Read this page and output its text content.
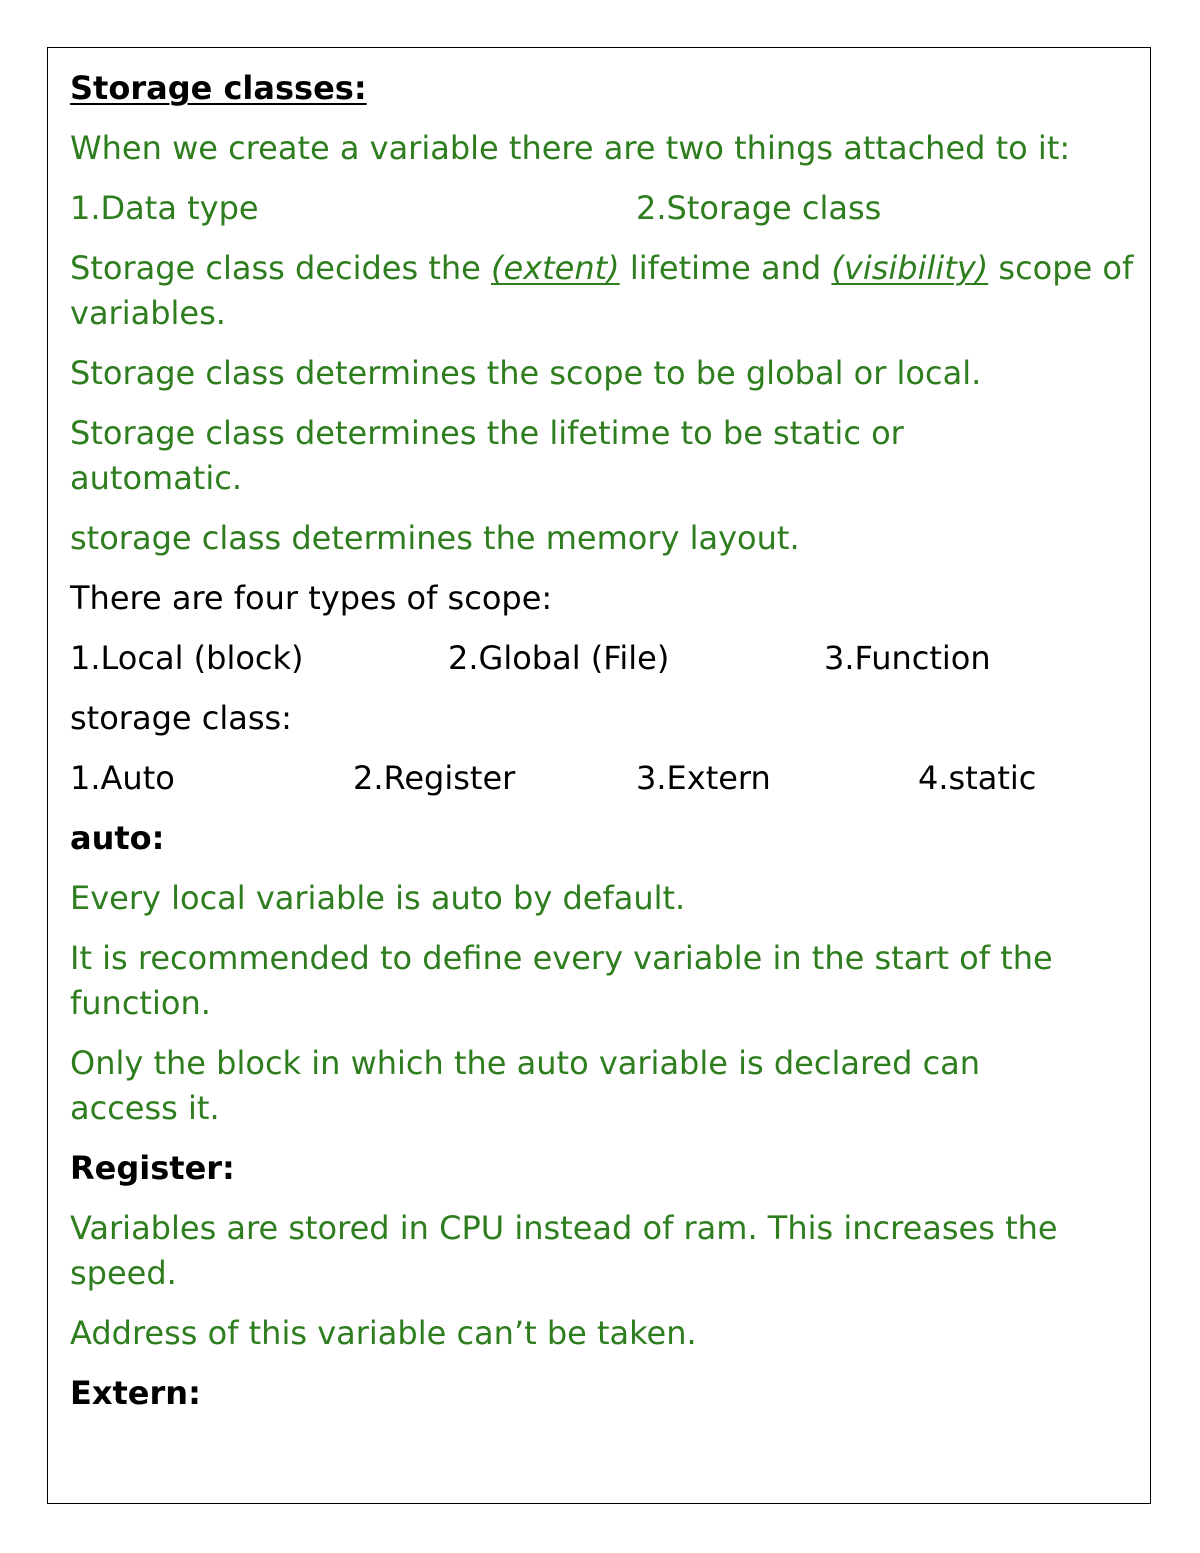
Storage classes:
When we create a variable there are two things attached to it:
1.Data type	2.Storage class
Storage class decides the (extent) lifetime and (visibility) scope of variables.
Storage class determines the scope to be global or local.
Storage class determines the lifetime to be static or automatic.
storage class determines the memory layout.
There are four types of scope:
1.Local (block)	2.Global (File)	3.Function
storage class:
1.Auto	2.Register	3.Extern	4.static
auto:
Every local variable is auto by default.
It is recommended to define every variable in the start of the function.
Only the block in which the auto variable is declared can access it.
Register:
Variables are stored in CPU instead of ram. This increases the speed.
Address of this variable can’t be taken.
Extern:
